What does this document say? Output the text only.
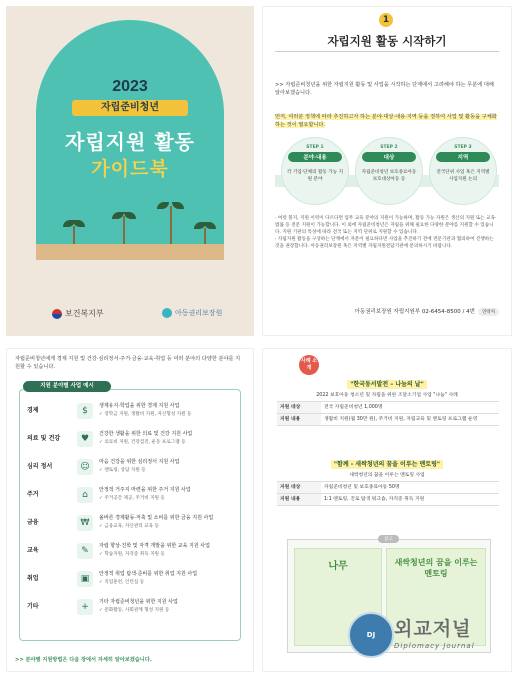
2023
자립준비청년
자립지원 활동
가이드북
보건복지부	아동권리보장원
1
자립지원 활동 시작하기
>> 자립준비청년을 위한 자립지원 활동 및 사업을 시작하는 단계에서 고려해야 하는 무분에 대해 알아보겠습니다.
먼저, 여러분 정책에 따라 추진하고자 하는 분야·대상·내용·지역 등을 정하여 사업 및 활동을 구체화하는 것이 필요합니다.
STEP 1
분야·내용
각 기업·단체의 활동 가능 지원 분야
STEP 2
대상
자립준비청년 보호종료아동 보호대상아동 등
STEP 3
지역
전국단위 사업 혹은 지역별 사업지원 논의
· 여럿 볼지, 지원 이력이 다르다면 업무 교육 분야의 지원이 가능하며, 활동 가능 자원은 생산의 지원 또는 교육·법률 등 전문 지원이 가능합니다. 이 외에 자립준비청년은 자립을 위해 필요한 다양한 분야를 지원할 수 있습니다. 지원 기관의 특성에 따라 전국 또는 지역 단위로 지원할 수 있습니다.
· 자립지원 활동을 구상하는 단계에서 자문이 필요하다면 사업을 추진하기 전에 전문기관과 협의하여 진행하는 것을 권장합니다. 아동권리보장원 혹은 지역별 자립지원전담기관에 문의하시기 바랍니다.
아동권리보장원 자립지원부 02-6454-8500 / 4번 연락처
자립준비청년에게 경제 지원 및 건강·심리정서·주거·금융·교육·취업 등 여러 분야의 다양한 분야를 지원할 수 있습니다.
지원 분야별 사업 예시
경제	$	생계유지·학업을 위한 경제 지원 사업
✓ 장학금 지원, 생활비 지원, 자산형성 지원 등
의료 및 건강	♥	건강한 생활을 위한 의료 및 건강 지원 사업
✓ 의료비 지원, 건강검진, 운동 프로그램 등
심리 정서	☺	마음 건강을 위한 심리정서 지원 사업
✓ 멘토링, 상담 지원 등
주거	⌂	안정적 거주지 마련을 위한 주거 지원 사업
✓ 주거공간 제공, 주거비 지원 등
금융	₩	올바른 경제활동·저축 및 소비를 위한 금융 지원 사업
✓ 금융교육, 자산관리 교육 등
교육	✎	자립 향상·진학 및 자격 개발을 위한 교육 지원 사업
✓ 학습지원, 자격증 취득 지원 등
취업	▣	안정적 취업 탐색·준비를 위한 취업 지원 사업
✓ 직업훈련, 인턴십 등
기타	+	기타 자립준비청년을 위한 지원 사업
✓ 문화활동, 사회관계 형성 지원 등
>> 분야별 지원방법은 다음 장에서 자세히 알아보겠습니다.
사례 소개
"한국동서발전 – 나눔의 날"
2022 보호아동 청소년 및 자립을 위한 조달소기업 사업 "나눔" 사례
지원 대상	전국 자립준비청년 1,000명
지원 내용	생활비 지원(월 30만 원), 주거비 지원, 자립교육 및 멘토링 프로그램 운영
"함께 - 새싹청년의 꿈을 이루는 멘토링"
새싹청년의 꿈을 이루는 멘토링 사업
지원 대상	자립준비청년 및 보호종료아동 50명
지원 내용	1:1 멘토링, 진로 탐색 워크숍, 자격증 취득 지원
참고
나무	새싹청년의 꿈을 이루는 멘토링
DJ 외교저널
Diplomacy Journal
